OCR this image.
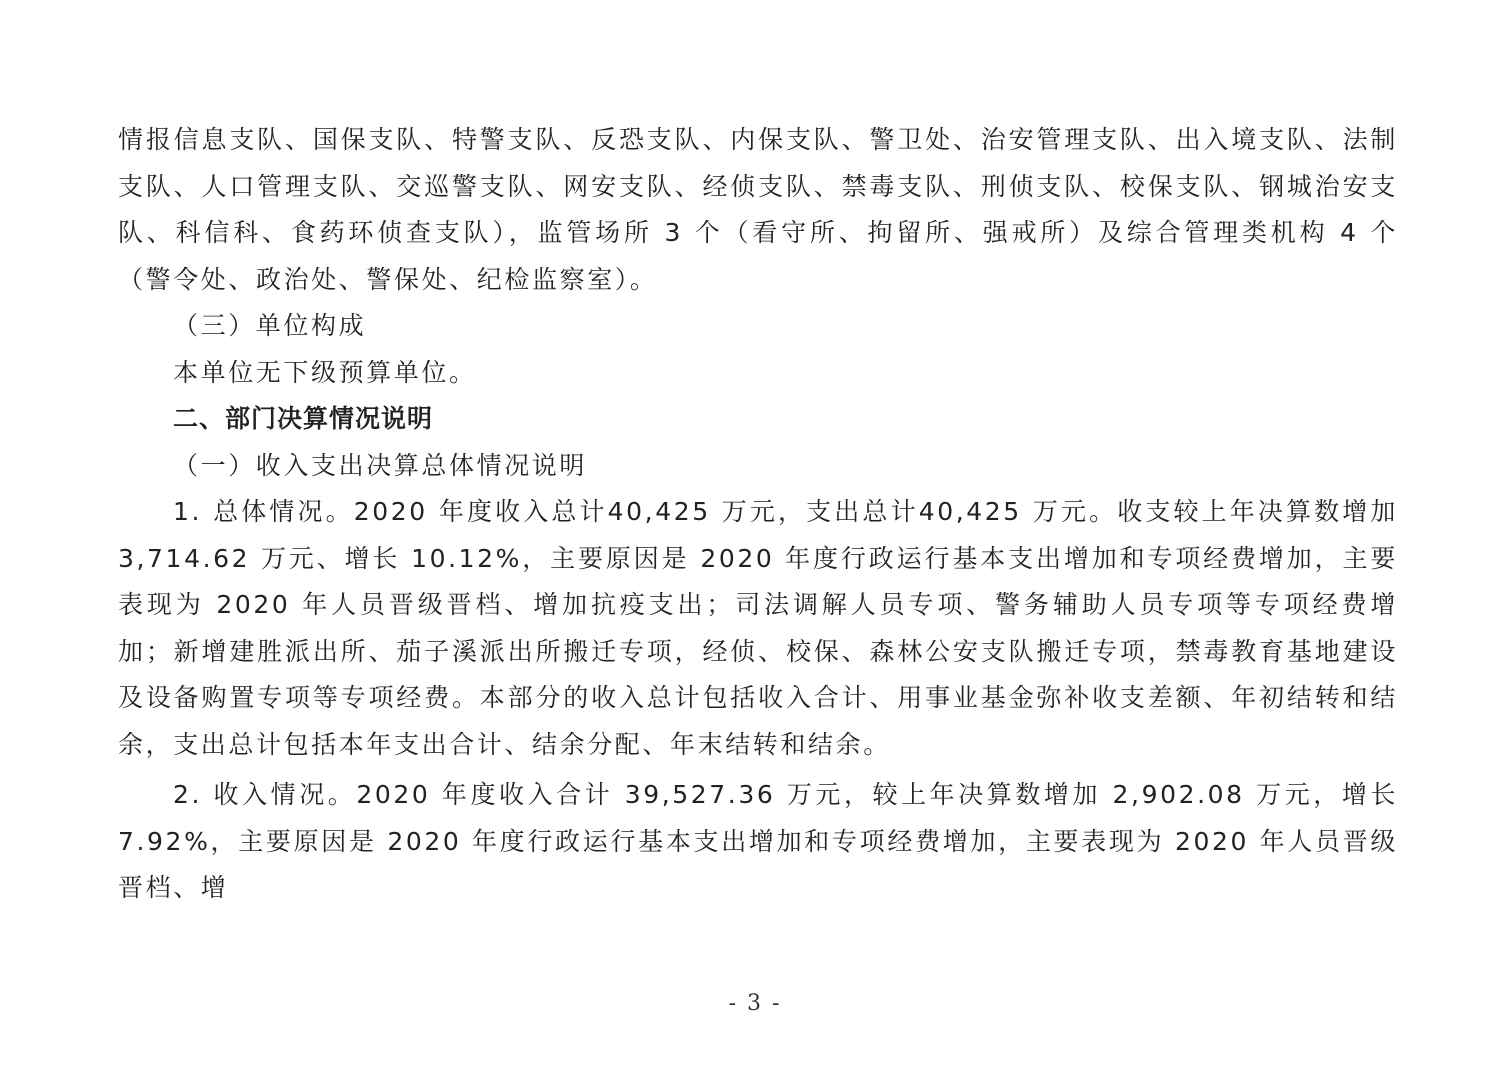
情报信息支队、国保支队、特警支队、反恐支队、内保支队、警卫处、治安管理支队、出入境支队、法制支队、人口管理支队、交巡警支队、网安支队、经侦支队、禁毒支队、刑侦支队、校保支队、钢城治安支队、科信科、食药环侦查支队），监管场所 3 个（看守所、拘留所、强戒所）及综合管理类机构 4 个（警令处、政治处、警保处、纪检监察室）。

（三）单位构成

本单位无下级预算单位。

二、部门决算情况说明

（一）收入支出决算总体情况说明

1. 总体情况。2020 年度收入总计40,425 万元，支出总计40,425 万元。收支较上年决算数增加3,714.62 万元、增长 10.12%，主要原因是 2020 年度行政运行基本支出增加和专项经费增加，主要表现为 2020 年人员晋级晋档、增加抗疫支出；司法调解人员专项、警务辅助人员专项等专项经费增加；新增建胜派出所、茄子溪派出所搬迁专项，经侦、校保、森林公安支队搬迁专项，禁毒教育基地建设及设备购置专项等专项经费。本部分的收入总计包括收入合计、用事业基金弥补收支差额、年初结转和结余，支出总计包括本年支出合计、结余分配、年末结转和结余。

2. 收入情况。2020 年度收入合计 39,527.36 万元，较上年决算数增加 2,902.08 万元，增长 7.92%，主要原因是 2020 年度行政运行基本支出增加和专项经费增加，主要表现为 2020 年人员晋级晋档、增

- 3 -
